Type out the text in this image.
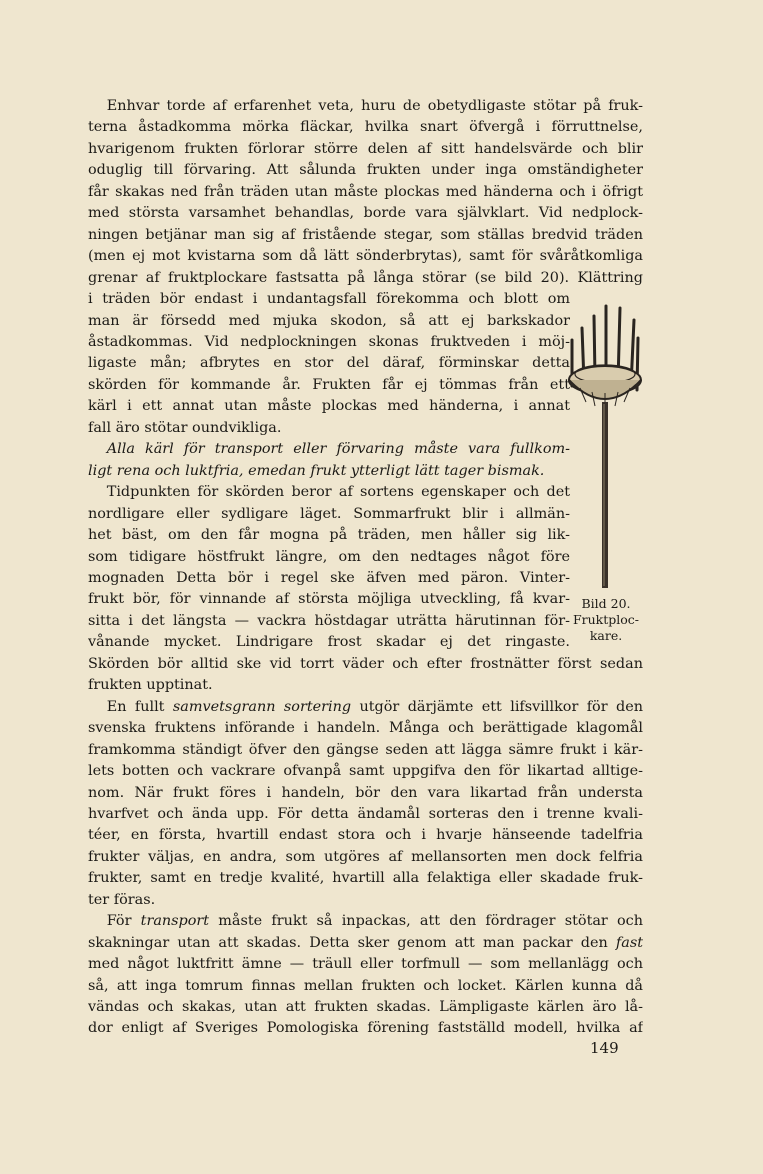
Enhvar torde af erfarenhet veta, huru de obetydligaste stötar på fruk-
terna åstadkomma mörka fläckar, hvilka snart öfvergå i förruttnelse,
hvarigenom frukten förlorar större delen af sitt handelsvärde och blir
oduglig till förvaring. Att sålunda frukten under inga omständigheter
får skakas ned från träden utan måste plockas med händerna och i öfrigt
med största varsamhet behandlas, borde vara självklart. Vid nedplock-
ningen betjänar man sig af fristående stegar, som ställas bredvid träden
(men ej mot kvistarna som då lätt sönderbrytas), samt för svåråtkomliga
grenar af fruktplockare fastsatta på långa störar (se bild 20). Klättring
i träden bör endast i undantagsfall förekomma och blott om
man är försedd med mjuka skodon, så att ej barkskador
åstadkommas. Vid nedplockningen skonas fruktveden i möj-
ligaste mån; afbrytes en stor del däraf, förminskar detta
skörden för kommande år. Frukten får ej tömmas från ett
kärl i ett annat utan måste plockas med händerna, i annat
fall äro stötar oundvikliga.
Alla kärl för transport eller förvaring måste vara fullkom-
ligt rena och luktfria, emedan frukt ytterligt lätt tager bismak.
Tidpunkten för skörden beror af sortens egenskaper och det
nordligare eller sydligare läget. Sommarfrukt blir i allmän-
het bäst, om den får mogna på träden, men håller sig lik-
som tidigare höstfrukt längre, om den nedtages något före
mognaden Detta bör i regel ske äfven med päron. Vinter-
frukt bör, för vinnande af största möjliga utveckling, få kvar-
sitta i det längsta — vackra höstdagar uträtta härutinnan för-
vånande mycket. Lindrigare frost skadar ej det ringaste.
Skörden bör alltid ske vid torrt väder och efter frostnätter först sedan
frukten upptinat.
En fullt samvetsgrann sortering utgör därjämte ett lifsvillkor för den
svenska fruktens införande i handeln. Många och berättigade klagomål
framkomma ständigt öfver den gängse seden att lägga sämre frukt i kär-
lets botten och vackrare ofvanpå samt uppgifva den för likartad alltige-
nom. När frukt föres i handeln, bör den vara likartad från understa
hvarfvet och ända upp. För detta ändamål sorteras den i trenne kvali-
téer, en första, hvartill endast stora och i hvarje hänseende tadelfria
frukter väljas, en andra, som utgöres af mellansorten men dock felfria
frukter, samt en tredje kvalité, hvartill alla felaktiga eller skadade fruk-
ter föras.
För transport måste frukt så inpackas, att den fördrager stötar och
skakningar utan att skadas. Detta sker genom att man packar den fast
med något luktfritt ämne — träull eller torfmull — som mellanlägg och
så, att inga tomrum finnas mellan frukten och locket. Kärlen kunna då
vändas och skakas, utan att frukten skadas. Lämpligaste kärlen äro lå-
dor enligt af Sveriges Pomologiska förening fastställd modell, hvilka af
Bild 20.
Fruktploc-
kare.
149
